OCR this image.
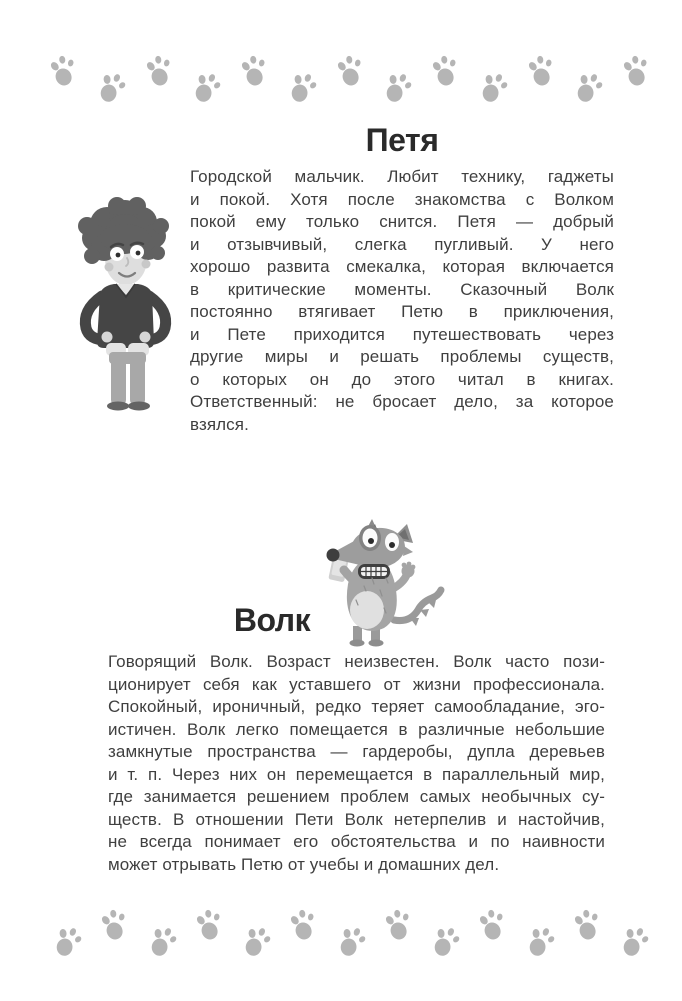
Петя
Городской мальчик. Любит технику, гаджеты
и покой. Хотя после знакомства с Волком
покой ему только снится. Петя — добрый
и отзывчивый, слегка пугливый. У него
хорошо развита смекалка, которая включается
в критические моменты. Сказочный Волк
постоянно втягивает Петю в приключения,
и Пете приходится путешествовать через
другие миры и решать проблемы существ,
о которых он до этого читал в книгах.
Ответственный: не бросает дело, за которое
взялся.
Волк
Говорящий Волк. Возраст неизвестен. Волк часто пози-
ционирует себя как уставшего от жизни профессионала.
Спокойный, ироничный, редко теряет самообладание, эго-
истичен. Волк легко помещается в различные небольшие
замкнутые пространства — гардеробы, дупла деревьев
и т. п. Через них он перемещается в параллельный мир,
где занимается решением проблем самых необычных су-
ществ. В отношении Пети Волк нетерпелив и настойчив,
не всегда понимает его обстоятельства и по наивности
может отрывать Петю от учебы и домашних дел.
